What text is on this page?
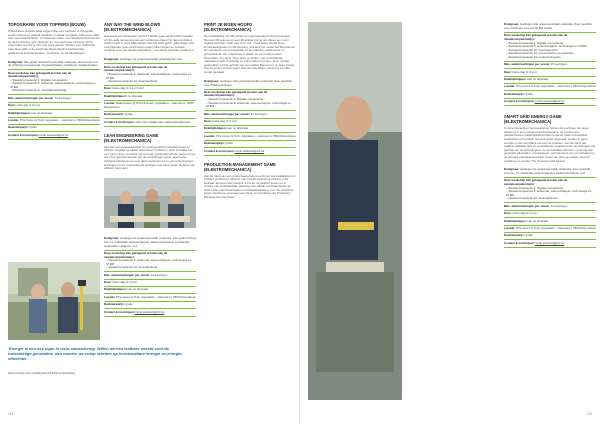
TOPOGRAFIE VOOR TOPPERS (BOUW)

Tijdens deze workshopdag krijgen jullie een 'topclass' in topografie, waarin theorie en praktijk naadloos in elkaar overgaan. Jullie leren alles over opmeettechnieken, van klassiek meten over waterpasinstrumenten tot laserscanning, gps-metingen en nog veel meer. Hiervoor wordt zowel jullie oog als je hart voor werk gepast. Sterker, een praktische case laten jullie in de aard rode Diepenbeekse bachelordag gebaseerde bouwtechnieken, houtbouw- en hoofdrichtingen.

Doelgroep: 5de graad technisch secundair onderwijs. Het komen voor de richtingen bouwkunde, bouwtechnieken, houtbouw, houttechnieken
Deze workshop kan gekoppeld worden aan de sleutelcompetentie(s):
– Sleutelcompetentie 4: Digitale competentie
– Sleutelcompetentie 5: wiskunde, wetenschappen, technologie en STEM
– Sleutelcompetentie 9: ruimtelijk bewustzijn
Max. aantal leerlingen per sessie: 16 leerlingen
Duur: volle dag (± 6 uur)
Data/tijdstippen: kan op afspraak
Locatie: PXL-Green & Tech, Agoralaan – Gebouw H, 3590 Diepenbeek
Deelnameprijs: gratis
Contact & inschrijven: frank.vanbeek@pxl.be
ANY WAY THE WIND BLOWS (ELEKTROMECHANICA)

Hoe werkt een windmolen precies? Welke types windmolens bestaan er? En welk rendement kan een windmolen halen? In deze workshop worden jullie in onze Makerspace aan het werk gezet: jullie krijgen drie verschillende types windmolens onder jullie handen en bepalen – verdeeld over een aantal parameters – het meest optimale rendement.

Doelgroep: leerlingen 3e graad secundair onderwijs tso, bso
Deze workshop kan gekoppeld worden aan de sleutelcompetentie(s):
– Sleutelcompetentie 6: wiskunde, wetenschappen, technologie en STEM
– Sleutelcompetentie 10: duurzaamheid
Duur: halve dag (± 2 à 2,5 uur)
Data/tijdstippen: op afspraak
Locatie: Makerspace @ PXL/Unisoerti, Agoralaan – Gebouw H, 3590 Diepenbeek
Deelnameprijs: gratis
Contact & inschrijven: stuur een mailtje naar makerspace@pxl.be
LEAN ENGINEERING GAME (ELEKTROMECHANICA)

Hoe kan een productiebedrijf een gestroomlijnd productieproces en efficiënt mogelijk op elkaar afstemmen? Ontdek in deze simulatie hoe een 'just-in-time' productie via een lean productiemethode werkt en hoe door een gerichte aanpak van de verspillingen wordt nagebootst. Achteraf reflecteren we over deze methodes toe in een schoolcontext, leerlingen in een voorbeeld wat leerlingen het beste tegen de borst een efficiënt bevorderd.

Doelgroep: leerlingen 3e graad secundair onderwijs, 2de graad richting bso: bv. industriële wetenschappen, elektromechanica, mechanica, elektriciteit, vastgoed, enz.
Deze workshop kan gekoppeld worden aan de sleutelcompetentie(s):
– Sleutelcompetentie 6: wiskunde, wetenschappen, technologie en STEM
– Sleutelcompetentie 10: duurzaamheid
Max. aantal leerlingen per sessie: 16 leerlingen
Duur: halve dag (± 3 uur)
Data/tijdstippen: kan op afspraak
Locatie: PXL-Green & Tech, Agoralaan – Gebouw H, 3590 Diepenbeek
Deelnameprijs: gratis
Contact & inschrijven: frank.vanbeek@pxl.be
'Energie is een key topic in onze samenleving. Willen we een leefbare wereld voor de toekomstige generaties, dan moeten we volop inzetten op hernieuwbare energie en energie-efficiëntie.'
(Patrick Pilat, PXL-opleidingshoofd Elektromechanica)
114
PRINT JE EIGEN HOOFD (ELEKTROMECHANICA)

De ontwikkeling van 3D-printers is tegenwoordig booming business. Met een 3D-scanner en een 3D-printer kun je niet alleen een vorm digitaal bewaren, maar ook vorm ook – haar eigen hoofd. Onze kunstvaardigheden in 3D-tekening, ook kent het model het 3D-scannen. De voordeel is om te bespreken in de industrie, architectuur en geneeskunde: van maquettes in plastic tot een reëel product. Bovendien, de printer zal je leren te werken met verschillende materialen zoals chocolade en zelfs pasta tot printen. Over nieuwe gesprekken zal het gebruik van een pakket filament en op deze manier hoe de printer precies werkt. Dan de onderdelen wordt ook een 3D-printer gemaakt.

Doelgroep: leerlingen 3de graad secundair onderwijs. Zeer geschikt voor STEM-richtingen
Deze workshop kan gekoppeld worden aan de sleutelcompetentie(s):
– Sleutelcompetentie 4: Digitale competentie
– Sleutelcompetentie 5: wiskunde, wetenschappen, technologie en STEM
Max. aantal leerlingen per sessie: 12 leerlingen
Duur: halve dag (± 3 uur)
Data/tijdstippen: kan op afspraak
Locatie: PXL-Green & Tech, Agoralaan – Gebouw H, 3590 Diepenbeek
Deelnameprijs: gratis
Contact & inschrijven: frank.vanbeek@pxl.be
PRODUCTION MANAGEMENT GAME (ELEKTROMECHANICA)

Aan de hand van een productiespel leren leerlingen wat kwaliteitsvol en efficiënt produceren inhoudt, met 'overall equipment efficiency' als leidraad. Ze leren wat industrie 4.0 is en vergelijken komen ze in contact met productiedata, planning, benodigde werkzaamheden en tools zoals onderhoudswerk en kwaliteitsbewaking, enz. De workshop krijgen deelname eventueel een hand- of mondeling van Production Management Top Team.

Doelgroep: leerlingen 3de graad secundair onderwijs. Zeer geschikt voor richtingen met een STEM-profiel
Deze workshop kan gekoppeld worden aan de sleutelcompetentie(s):
– Sleutelcompetentie 4: Digitale competentie
– Sleutelcompetentie 6: wetenschappen, technologie en STEM
– Sleutelcompetentie 10: Duurzaamheid
– Sleutelcompetentie 11: economische competenties
– Sleutelcompetentie 13: ondernemingszin
Max. aantal leerlingen per sessie: 15 leerlingen
Duur: halve dag (± 3 uur)
Data/tijdstippen: kan op afspraak
Locatie: PXL-Green & Tech, Agoralaan – Gebouw H, 3590 Diepenbeek
Deelnameprijs: gratis
Contact & inschrijven: frank.vanbeek@pxl.be
SMART GRID ENERGY GAME (ELEKTROMECHANICA)

In deze interactieve bouwworkshop nemen de leerlingen het tegen elkaar op in een energievoorzieningsgame. Ze werken een gastseminarium elektriciteitscentrale zo dat de juiste hoeveelheid elektriciteit op het juiste moment wordt opgewekt, zonder er geen energie is voor een black-out van het systeem. Aan de hand van realtime grafiekkennis en verschillende opgaven leren de leerlingen het gebruik van de technologieën en de betrokken factoren op de nieuwe generatie (duurzaam, zonnepaneel, verbruik wind, etc.) en schaden en de grootste energieleveranciers zowel van wind ge stellen, wind de workshop en verdien The Smartest Grid Award!

Doelgroep: leerlingen 3e graad secundair onderwijs. Zeer geschikt voor tso, bv. industriële wetenschappen, elektromechanica, enz.
Deze workshop kan gekoppeld worden aan de sleutelcompetentie(s):
– Sleutelcompetentie 4: Digitale competentie
– Sleutelcompetentie 6: wiskunde, wetenschappen, technologie en STEM
– Sleutelcompetentie 10: duurzaamheid
Max. aantal leerlingen per sessie: 12 leerlingen
Duur: halve dag (± 3 uur)
Data/tijdstippen: kan op afspraak
Locatie: PXL-Green & Tech, Agoralaan – Gebouw H, 3590 Diepenbeek
Deelnameprijs: gratis
Contact & inschrijven: frank.vanbeek@pxl.be
115
